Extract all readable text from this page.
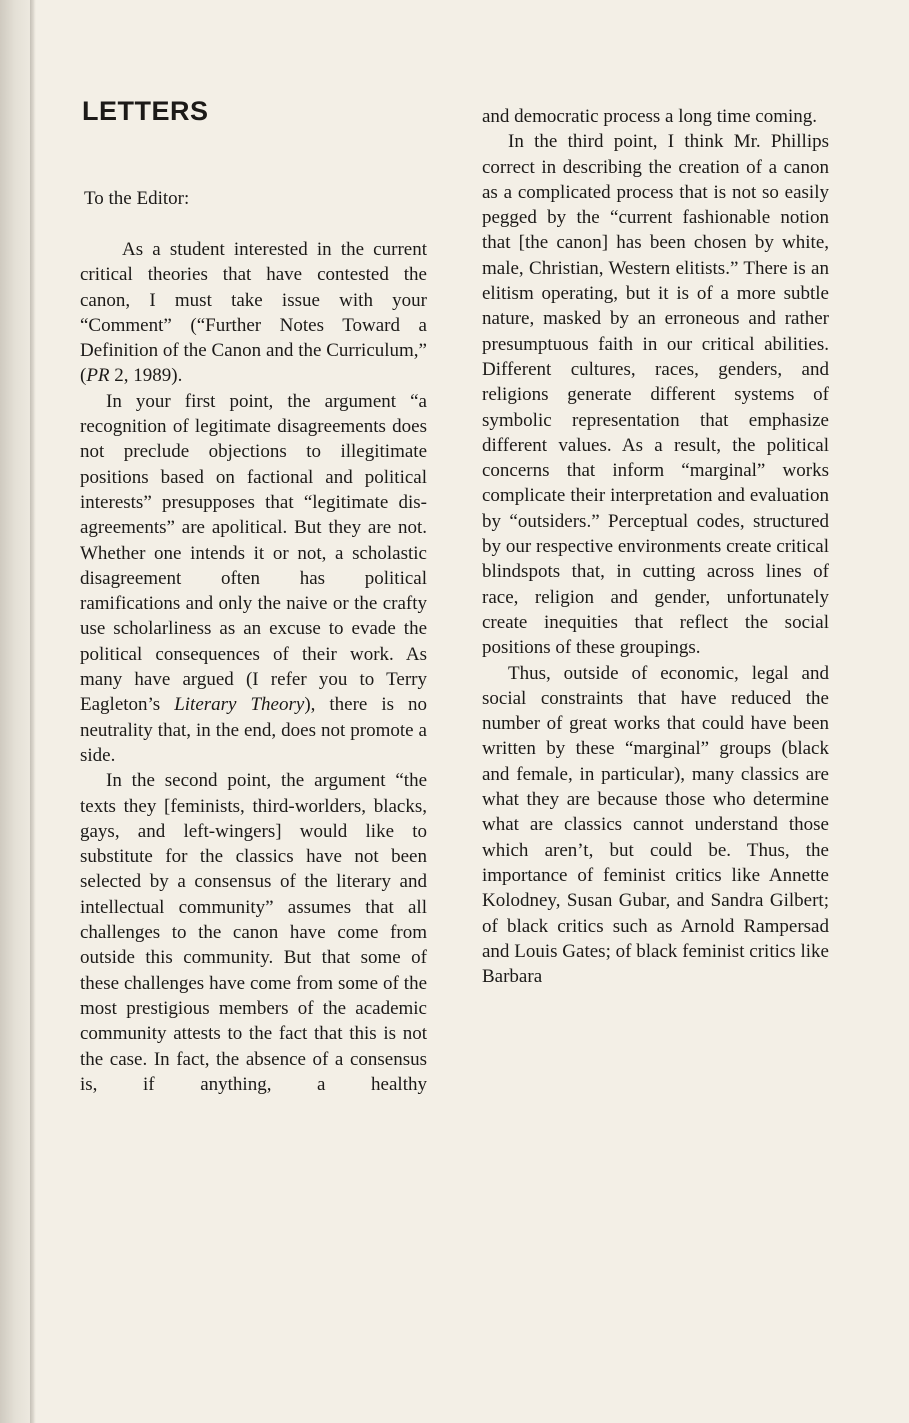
LETTERS
To the Editor:

As a student interested in the current critical theories that have contested the canon, I must take issue with your “Comment” (“Further Notes Toward a Definition of the Canon and the Curriculum,” (PR 2, 1989).

In your first point, the argument “a recognition of legitimate disagreements does not preclude objections to illegitimate positions based on factional and political interests” presupposes that “legitimate disagreements” are apolitical. But they are not. Whether one intends it or not, a scholastic disagreement often has political ramifications and only the naive or the crafty use scholarliness as an excuse to evade the political consequences of their work. As many have argued (I refer you to Terry Eagleton’s Literary Theory), there is no neutrality that, in the end, does not promote a side.

In the second point, the argument “the texts they [feminists, third-worlders, blacks, gays, and left-wingers] would like to substitute for the classics have not been selected by a consensus of the literary and intellectual community” assumes that all challenges to the canon have come from outside this community. But that some of these challenges have come from some of the most prestigious members of the academic community attests to the fact that this is not the case. In fact, the absence of a consensus is, if anything, a healthy

and democratic process a long time coming.

In the third point, I think Mr. Phillips correct in describing the creation of a canon as a complicated process that is not so easily pegged by the “current fashionable notion that [the canon] has been chosen by white, male, Christian, Western elitists.” There is an elitism operating, but it is of a more subtle nature, masked by an erroneous and rather presumptuous faith in our critical abilities. Different cultures, races, genders, and religions generate different systems of symbolic representation that emphasize different values. As a result, the political concerns that inform “marginal” works complicate their interpretation and evaluation by “outsiders.” Perceptual codes, structured by our respective environments create critical blindspots that, in cutting across lines of race, religion and gender, unfortunately create inequities that reflect the social positions of these groupings.

Thus, outside of economic, legal and social constraints that have reduced the number of great works that could have been written by these “marginal” groups (black and female, in particular), many classics are what they are because those who determine what are classics cannot understand those which aren’t, but could be. Thus, the importance of feminist critics like Annette Kolodney, Susan Gubar, and Sandra Gilbert; of black critics such as Arnold Rampersad and Louis Gates; of black feminist critics like Barbara
